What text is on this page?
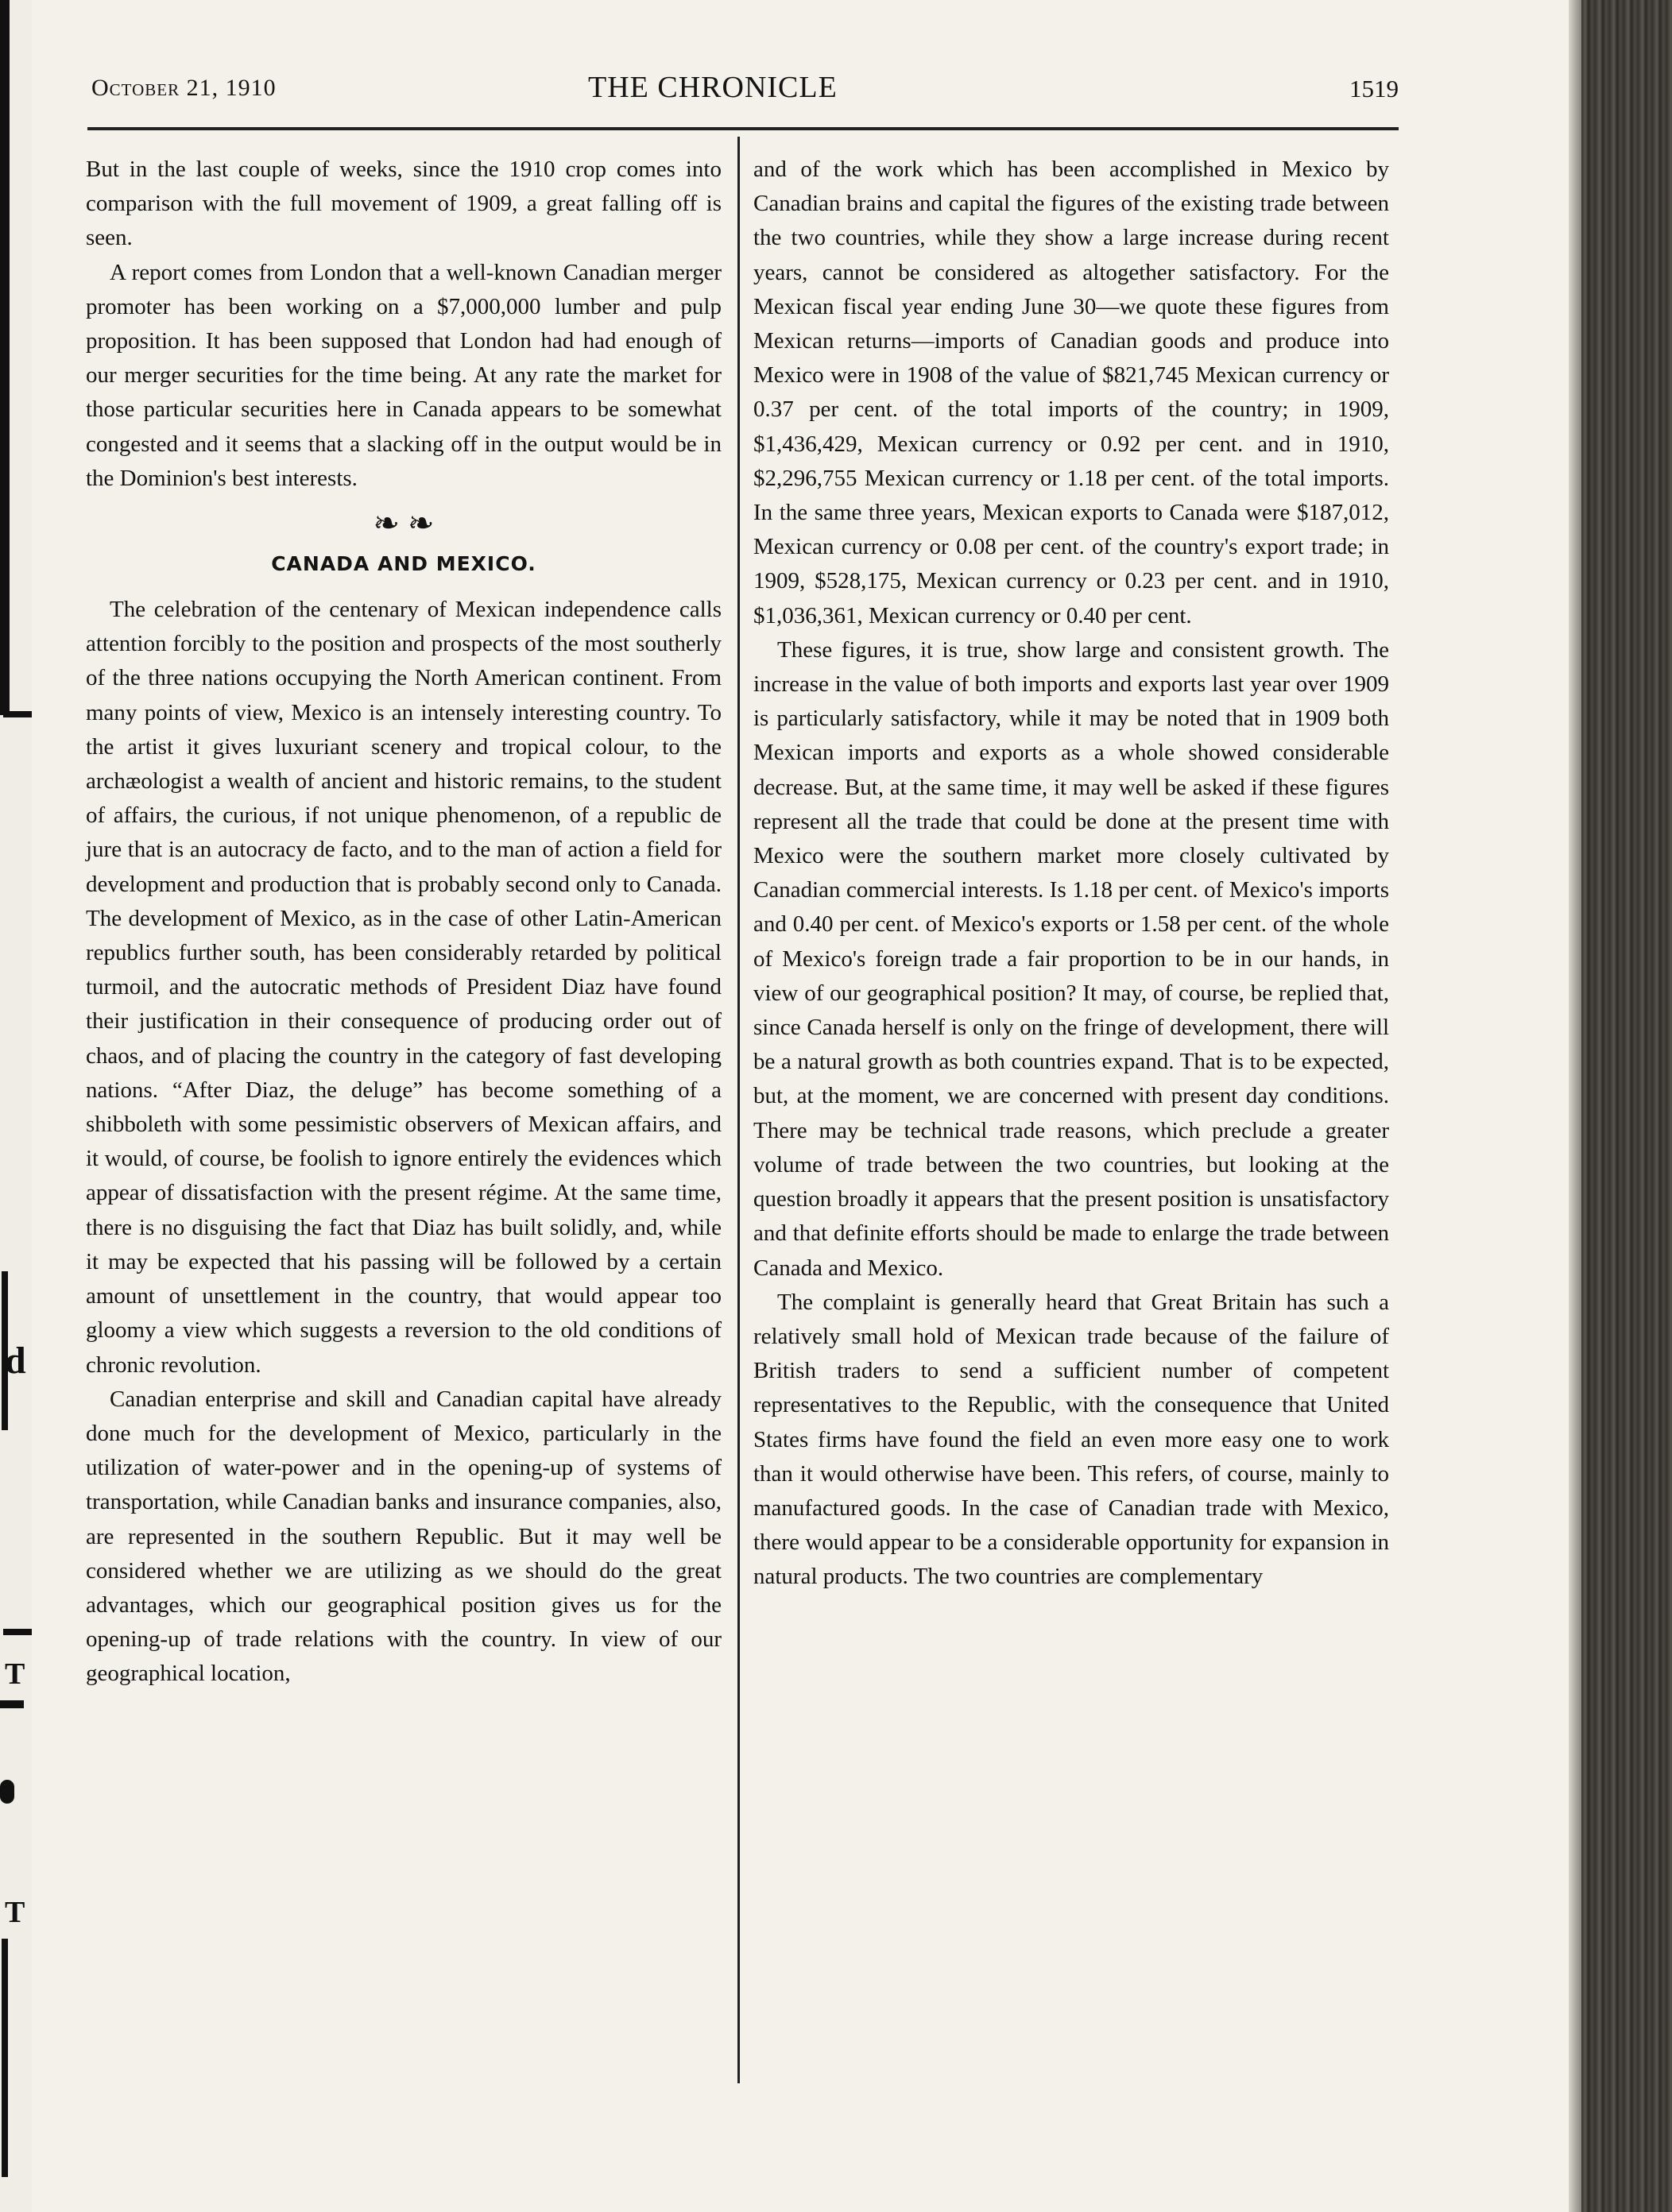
d
T
T
October 21, 1910	THE CHRONICLE	1519

But in the last couple of weeks, since the 1910 crop comes into comparison with the full movement of 1909, a great falling off is seen.

A report comes from London that a well-known Canadian merger promoter has been working on a $7,000,000 lumber and pulp proposition. It has been supposed that London had had enough of our merger securities for the time being. At any rate the market for those particular securities here in Canada appears to be somewhat congested and it seems that a slacking off in the output would be in the Dominion's best interests.

❧ ❧
CANADA AND MEXICO.

The celebration of the centenary of Mexican independence calls attention forcibly to the position and prospects of the most southerly of the three nations occupying the North American continent. From many points of view, Mexico is an intensely interesting country. To the artist it gives luxuriant scenery and tropical colour, to the archæologist a wealth of ancient and historic remains, to the student of affairs, the curious, if not unique phenomenon, of a republic de jure that is an autocracy de facto, and to the man of action a field for development and production that is probably second only to Canada. The development of Mexico, as in the case of other Latin-American republics further south, has been considerably retarded by political turmoil, and the autocratic methods of President Diaz have found their justification in their consequence of producing order out of chaos, and of placing the country in the category of fast developing nations. “After Diaz, the deluge” has become something of a shibboleth with some pessimistic observers of Mexican affairs, and it would, of course, be foolish to ignore entirely the evidences which appear of dissatisfaction with the present régime. At the same time, there is no disguising the fact that Diaz has built solidly, and, while it may be expected that his passing will be followed by a certain amount of unsettlement in the country, that would appear too gloomy a view which suggests a reversion to the old conditions of chronic revolution.

Canadian enterprise and skill and Canadian capital have already done much for the development of Mexico, particularly in the utilization of water-power and in the opening-up of systems of transportation, while Canadian banks and insurance companies, also, are represented in the southern Republic. But it may well be considered whether we are utilizing as we should do the great advantages, which our geographical position gives us for the opening-up of trade relations with the country. In view of our geographical location,

and of the work which has been accomplished in Mexico by Canadian brains and capital the figures of the existing trade between the two countries, while they show a large increase during recent years, cannot be considered as altogether satisfactory. For the Mexican fiscal year ending June 30—we quote these figures from Mexican returns—imports of Canadian goods and produce into Mexico were in 1908 of the value of $821,745 Mexican currency or 0.37 per cent. of the total imports of the country; in 1909, $1,436,429, Mexican currency or 0.92 per cent. and in 1910, $2,296,755 Mexican currency or 1.18 per cent. of the total imports. In the same three years, Mexican exports to Canada were $187,012, Mexican currency or 0.08 per cent. of the country's export trade; in 1909, $528,175, Mexican currency or 0.23 per cent. and in 1910, $1,036,361, Mexican currency or 0.40 per cent.

These figures, it is true, show large and consistent growth. The increase in the value of both imports and exports last year over 1909 is particularly satisfactory, while it may be noted that in 1909 both Mexican imports and exports as a whole showed considerable decrease. But, at the same time, it may well be asked if these figures represent all the trade that could be done at the present time with Mexico were the southern market more closely cultivated by Canadian commercial interests. Is 1.18 per cent. of Mexico's imports and 0.40 per cent. of Mexico's exports or 1.58 per cent. of the whole of Mexico's foreign trade a fair proportion to be in our hands, in view of our geographical position? It may, of course, be replied that, since Canada herself is only on the fringe of development, there will be a natural growth as both countries expand. That is to be expected, but, at the moment, we are concerned with present day conditions. There may be technical trade reasons, which preclude a greater volume of trade between the two countries, but looking at the question broadly it appears that the present position is unsatisfactory and that definite efforts should be made to enlarge the trade between Canada and Mexico.

The complaint is generally heard that Great Britain has such a relatively small hold of Mexican trade because of the failure of British traders to send a sufficient number of competent representatives to the Republic, with the consequence that United States firms have found the field an even more easy one to work than it would otherwise have been. This refers, of course, mainly to manufactured goods. In the case of Canadian trade with Mexico, there would appear to be a considerable opportunity for expansion in natural products. The two countries are complementary
